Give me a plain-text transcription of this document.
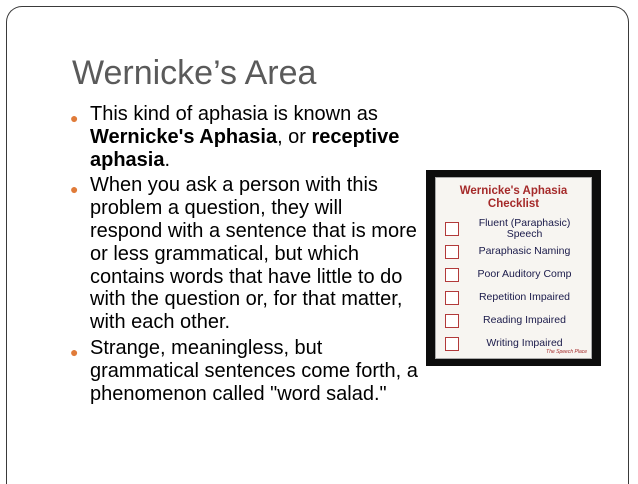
Wernicke’s Area
● This kind of aphasia is known as Wernicke's Aphasia, or receptive aphasia.
● When you ask a person with this problem a question, they will respond with a sentence that is more or less grammatical, but which contains words that have little to do with the question or, for that matter, with each other.
● Strange, meaningless, but grammatical sentences come forth, a phenomenon called "word salad."
Wernicke's Aphasia
Checklist
Fluent (Paraphasic) Speech
Paraphasic Naming
Poor Auditory Comp
Repetition Impaired
Reading Impaired
Writing Impaired
The Speech Place
